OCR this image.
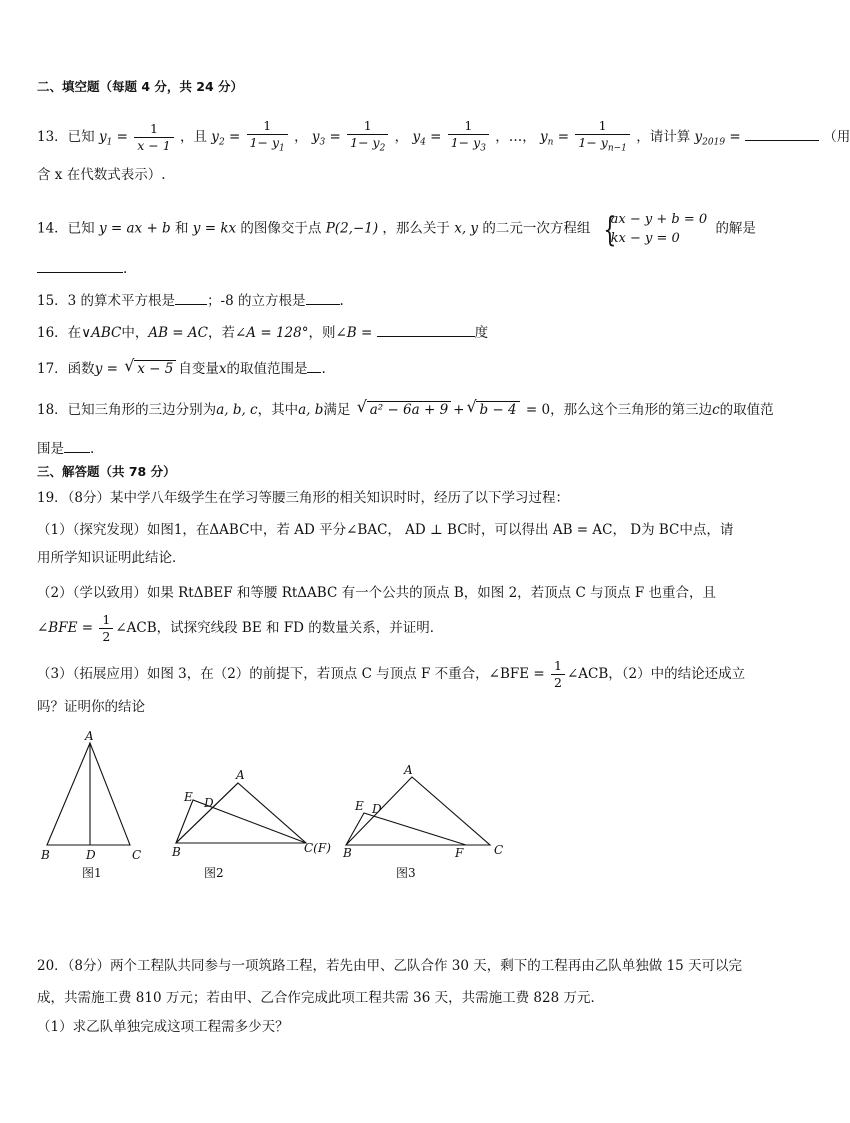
二、填空题（每题 4 分，共 24 分）
13．已知 $y_1 = \frac{1}{x - 1}$ ，且 $y_2 = \frac{1}{1- y_1}$ ， $y_3 = \frac{1}{1- y_2}$ ， $y_4 = \frac{1}{1- y_3}$ ，…， $y_n = \frac{1}{1- y_{n-1}}$ ，请计算 $y_{2019}$ =	（用
含 x 在代数式表示）.
14．已知 y = ax + b 和 y = kx 的图像交于点 P(2,−1) ，那么关于 x, y 的二元一次方程组 {
ax − y + b = 0
kx − y = 0
的解是
.
15．3 的算术平方根是 ；-8 的立方根是	.
16．在∨ABC中，AB = AC，若∠A = 128°，则∠B =	度
17．函数y = √ x − 5 自变量x的取值范围是 .
18．已知三角形的三边分别为a, b, c，其中a, b满足 √ a² − 6a + 9 + √ b − 4 = 0，那么这个三角形的第三边c的取值范
围是 .
三、解答题（共 78 分）
19．（8分）某中学八年级学生在学习等腰三角形的相关知识时时，经历了以下学习过程：
（1）（探究发现）如图1，在ΔABC中，若 AD 平分∠BAC， AD ⊥ BC时，可以得出 AB = AC， D为 BC中点，请
用所学知识证明此结论．
（2）（学以致用）如果 RtΔBEF 和等腰 RtΔABC 有一个公共的顶点 B，如图 2，若顶点 C 与顶点 F 也重合，且
∠BFE = $\frac{1}{2}$ ∠ACB，试探究线段 BE 和 FD 的数量关系，并证明．
（3）（拓展应用）如图 3，在（2）的前提下，若顶点 C 与顶点 F 不重合，∠BFE = $\frac{1}{2}$ ∠ACB，（2）中的结论还成立
吗？证明你的结论
A
B	D	C
图1
A
E D
B	C(F)
图2
A
E D
B	F	C
图3
20．（8分）两个工程队共同参与一项筑路工程，若先由甲、乙队合作 30 天，剩下的工程再由乙队单独做 15 天可以完
成，共需施工费 810 万元；若由甲、乙合作完成此项工程共需 36 天，共需施工费 828 万元．
（1）求乙队单独完成这项工程需多少天？
